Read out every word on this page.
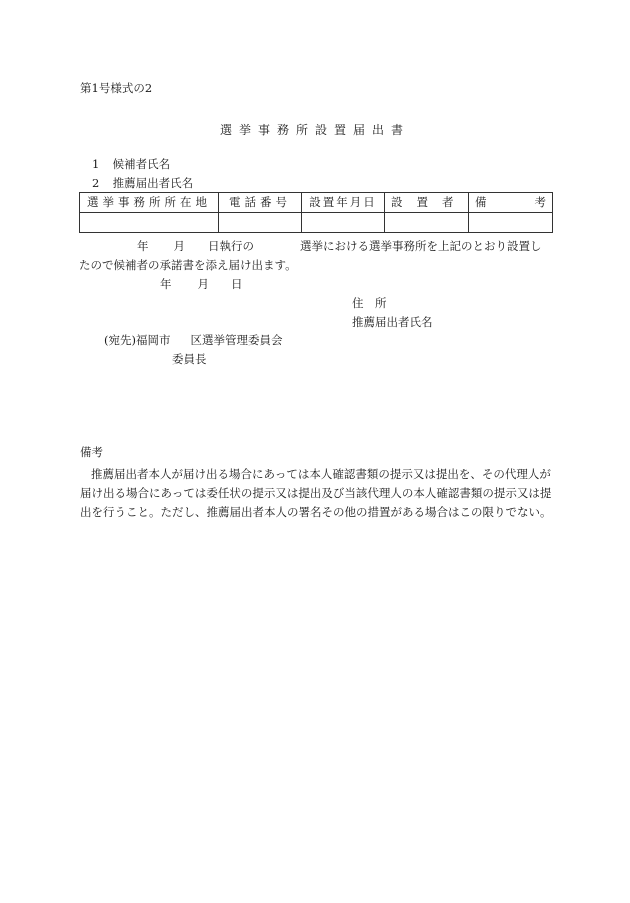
第1号様式の2
選挙事務所設置届出書
1 候補者氏名
2 推薦届出者氏名
選挙事務所所在地	電話番号	設置年月日	設置者	備 考

年 月 日執行の	選挙における選挙事務所を上記のとおり設置し
たので候補者の承諾書を添え届け出ます。
年 月 日
住　所
推薦届出者氏名
(宛先)福岡市 区選挙管理委員会
委員長
備考
推薦届出者本人が届け出る場合にあっては本人確認書類の提示又は提出を、その代理人が届け出る場合にあっては委任状の提示又は提出及び当該代理人の本人確認書類の提示又は提出を行うこと。ただし、推薦届出者本人の署名その他の措置がある場合はこの限りでない。
